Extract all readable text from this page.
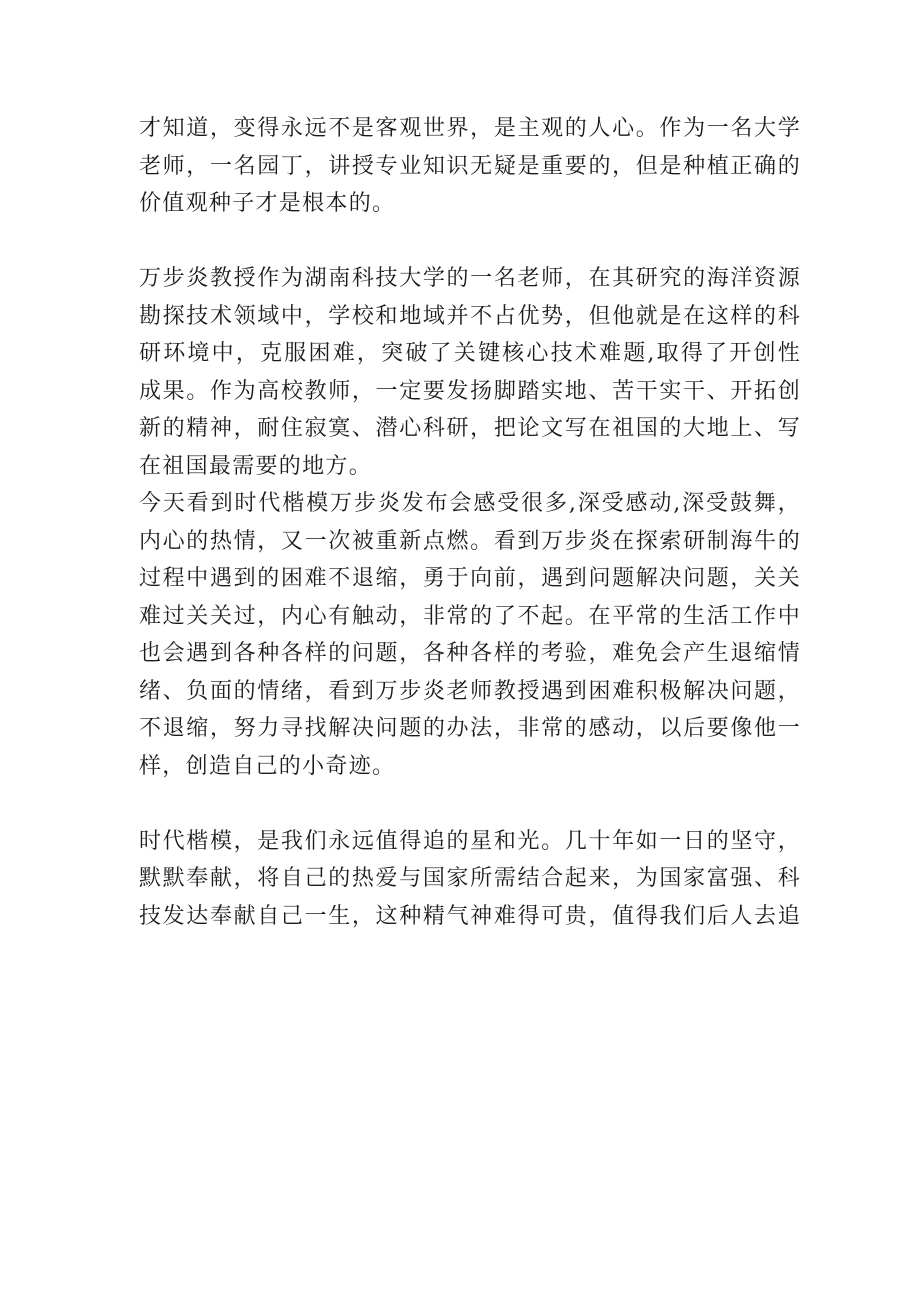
才知道，变得永远不是客观世界，是主观的人心。作为一名大学
老师，一名园丁，讲授专业知识无疑是重要的，但是种植正确的
价值观种子才是根本的。

万步炎教授作为湖南科技大学的一名老师，在其研究的海洋资源
勘探技术领域中，学校和地域并不占优势，但他就是在这样的科
研环境中，克服困难，突破了关键核心技术难题,取得了开创性
成果。作为高校教师，一定要发扬脚踏实地、苦干实干、开拓创
新的精神，耐住寂寞、潜心科研，把论文写在祖国的大地上、写
在祖国最需要的地方。

今天看到时代楷模万步炎发布会感受很多,深受感动,深受鼓舞，
内心的热情，又一次被重新点燃。看到万步炎在探索研制海牛的
过程中遇到的困难不退缩，勇于向前，遇到问题解决问题，关关
难过关关过，内心有触动，非常的了不起。在平常的生活工作中
也会遇到各种各样的问题，各种各样的考验，难免会产生退缩情
绪、负面的情绪，看到万步炎老师教授遇到困难积极解决问题，
不退缩，努力寻找解决问题的办法，非常的感动，以后要像他一
样，创造自己的小奇迹。

时代楷模，是我们永远值得追的星和光。几十年如一日的坚守，
默默奉献，将自己的热爱与国家所需结合起来，为国家富强、科
技发达奉献自己一生，这种精气神难得可贵，值得我们后人去追
